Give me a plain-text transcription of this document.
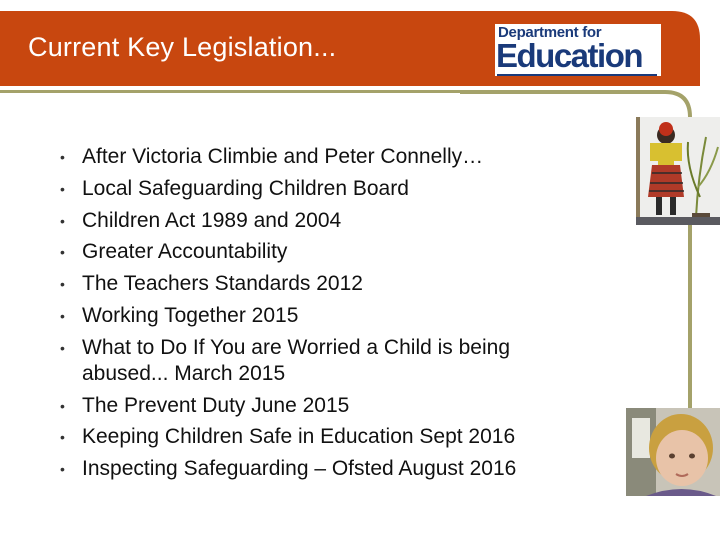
Current Key Legislation...	Department for
Education
• After Victoria Climbie and Peter Connelly…
• Local Safeguarding Children Board
• Children Act 1989 and 2004
• Greater Accountability
• The Teachers Standards 2012
• Working Together 2015
• What to Do If You are Worried a Child is being abused... March 2015
• The Prevent Duty June 2015
• Keeping Children Safe in Education Sept 2016
• Inspecting Safeguarding – Ofsted August 2016
